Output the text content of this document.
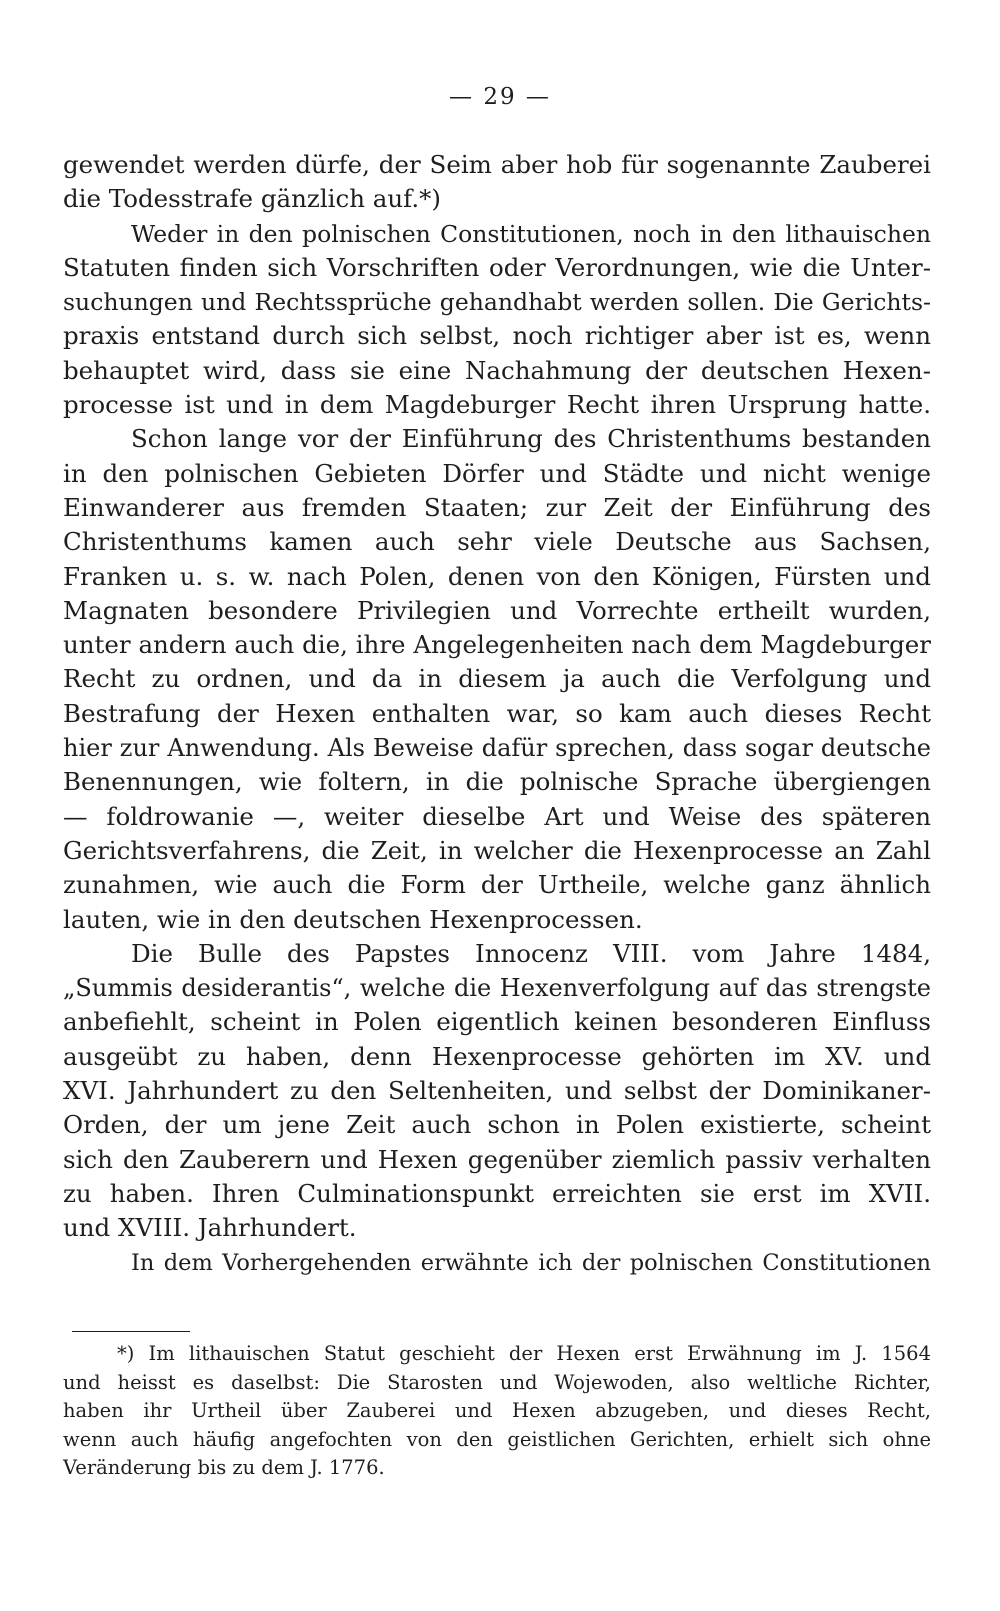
— 29 —
gewendet werden dürfe, der Seim aber hob für sogenannte Zauberei
die Todesstrafe gänzlich auf.*)
Weder in den polnischen Constitutionen, noch in den lithauischen
Statuten finden sich Vorschriften oder Verordnungen, wie die Unter-
suchungen und Rechtssprüche gehandhabt werden sollen. Die Gerichts-
praxis entstand durch sich selbst, noch richtiger aber ist es, wenn
behauptet wird, dass sie eine Nachahmung der deutschen Hexen-
processe ist und in dem Magdeburger Recht ihren Ursprung hatte.
Schon lange vor der Einführung des Christenthums bestanden
in den polnischen Gebieten Dörfer und Städte und nicht wenige
Einwanderer aus fremden Staaten; zur Zeit der Einführung des
Christenthums kamen auch sehr viele Deutsche aus Sachsen,
Franken u. s. w. nach Polen, denen von den Königen, Fürsten und
Magnaten besondere Privilegien und Vorrechte ertheilt wurden,
unter andern auch die, ihre Angelegenheiten nach dem Magdeburger
Recht zu ordnen, und da in diesem ja auch die Verfolgung und
Bestrafung der Hexen enthalten war, so kam auch dieses Recht
hier zur Anwendung. Als Beweise dafür sprechen, dass sogar deutsche
Benennungen, wie foltern, in die polnische Sprache übergiengen
— foldrowanie —, weiter dieselbe Art und Weise des späteren
Gerichtsverfahrens, die Zeit, in welcher die Hexenprocesse an Zahl
zunahmen, wie auch die Form der Urtheile, welche ganz ähnlich
lauten, wie in den deutschen Hexenprocessen.
Die Bulle des Papstes Innocenz VIII. vom Jahre 1484,
„Summis desiderantis“, welche die Hexenverfolgung auf das strengste
anbefiehlt, scheint in Polen eigentlich keinen besonderen Einfluss
ausgeübt zu haben, denn Hexenprocesse gehörten im XV. und
XVI. Jahrhundert zu den Seltenheiten, und selbst der Dominikaner-
Orden, der um jene Zeit auch schon in Polen existierte, scheint
sich den Zauberern und Hexen gegenüber ziemlich passiv verhalten
zu haben. Ihren Culminationspunkt erreichten sie erst im XVII.
und XVIII. Jahrhundert.
In dem Vorhergehenden erwähnte ich der polnischen Constitutionen
*) Im lithauischen Statut geschieht der Hexen erst Erwähnung im J. 1564
und heisst es daselbst: Die Starosten und Wojewoden, also weltliche Richter,
haben ihr Urtheil über Zauberei und Hexen abzugeben, und dieses Recht,
wenn auch häufig angefochten von den geistlichen Gerichten, erhielt sich ohne
Veränderung bis zu dem J. 1776.
